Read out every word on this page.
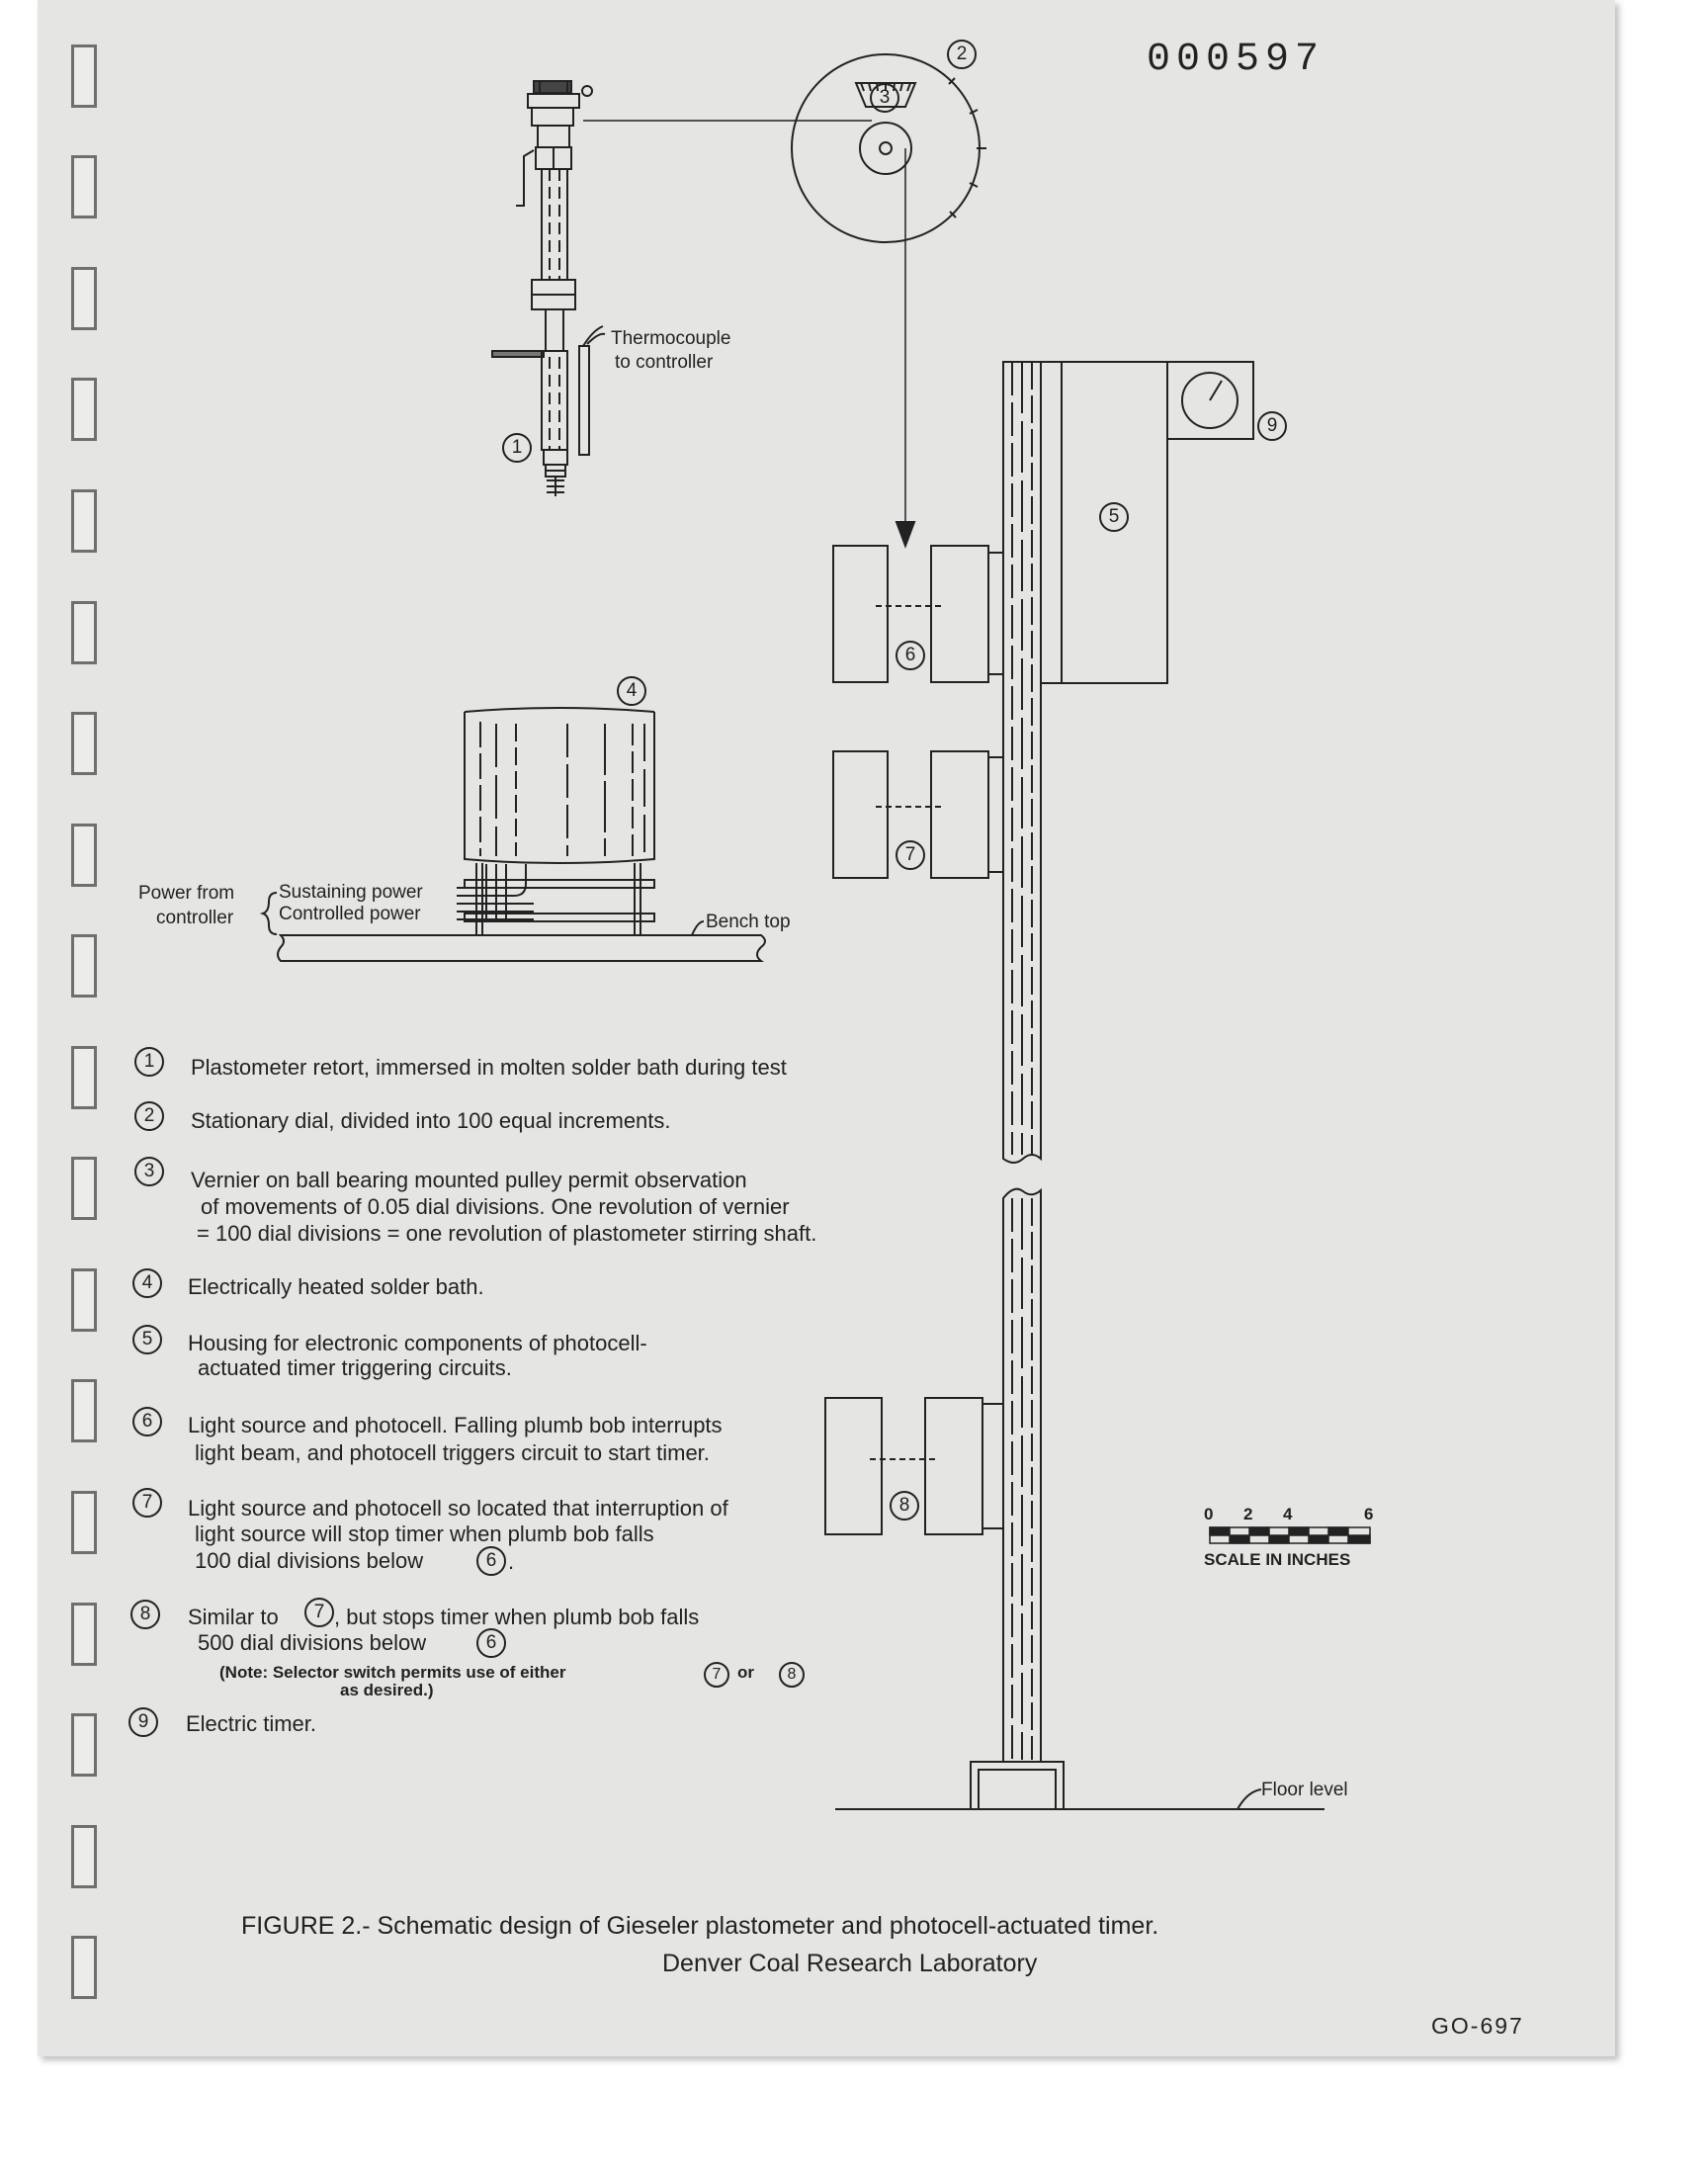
000597
2
3
1
9
5
4
6
7
8
Thermocouple
to controller
Power from
controller
Sustaining power
Controlled power	Bench top
Floor level
0 2 4	6
SCALE IN INCHES
1	Plastometer retort, immersed in molten solder bath during test
2	Stationary dial, divided into 100 equal increments.
3	Vernier on ball bearing mounted pulley permit observation
of movements of 0.05 dial divisions. One revolution of vernier
= 100 dial divisions = one revolution of plastometer stirring shaft.
4	Electrically heated solder bath.
5	Housing for electronic components of photocell-
actuated timer triggering circuits.
6	Light source and photocell. Falling plumb bob interrupts
light beam, and photocell triggers circuit to start timer.
7	Light source and photocell so located that interruption of
light source will stop timer when plumb bob falls
100 dial divisions below	6 .
8	Similar to	7 , but stops timer when plumb bob falls
500 dial divisions below	6
(Note: Selector switch permits use of either	7 or	8
as desired.)
9	Electric timer.
FIGURE 2.- Schematic design of Gieseler plastometer and photocell-actuated timer.
Denver Coal Research Laboratory
GO-697
